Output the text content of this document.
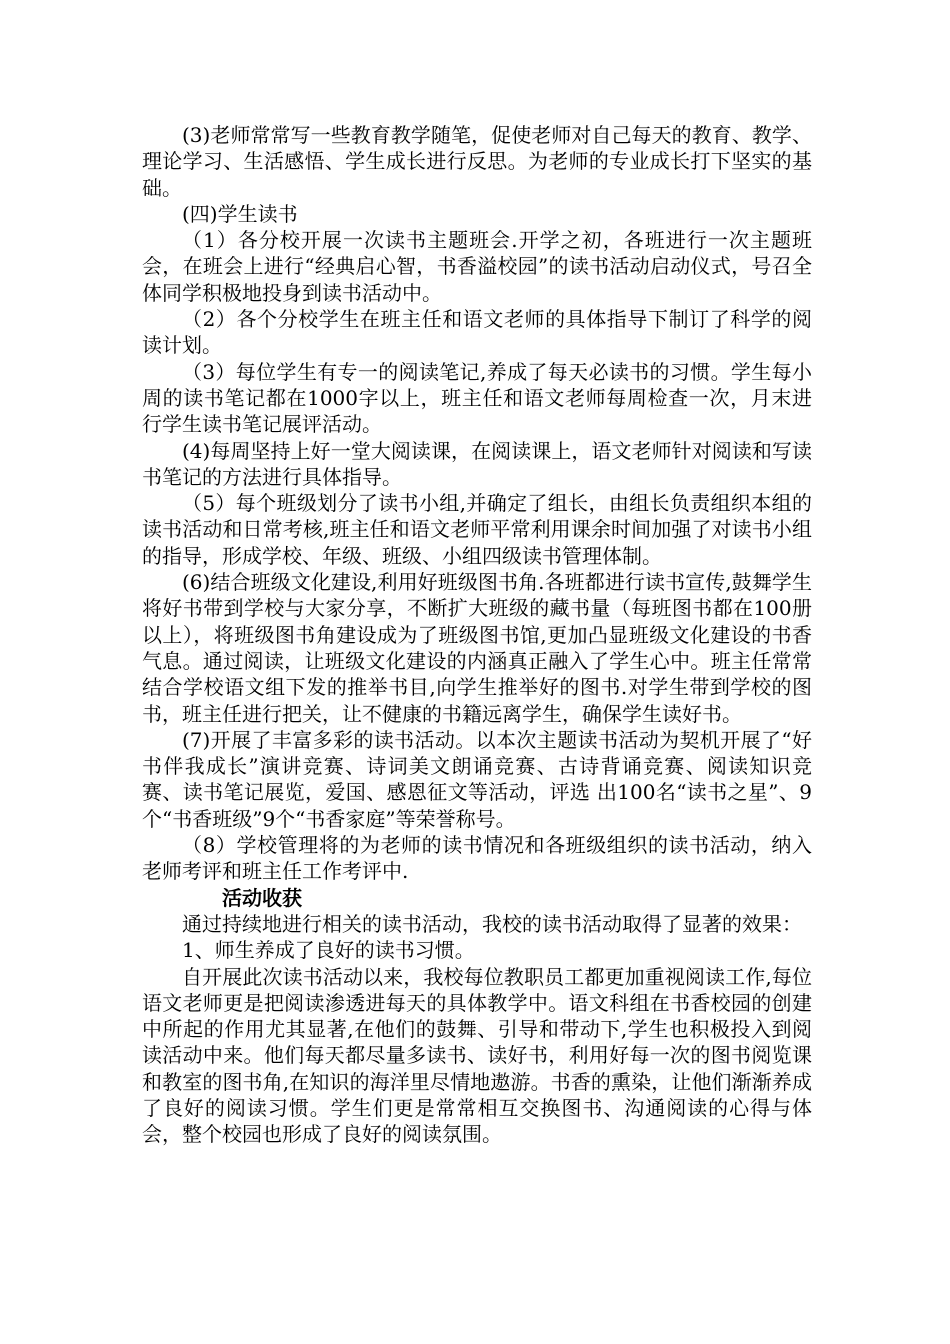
(3)老师常常写一些教育教学随笔，促使老师对自己每天的教育、教学、理论学习、生活感悟、学生成长进行反思。为老师的专业成长打下坚实的基础。

(四)学生读书

（1）各分校开展一次读书主题班会.开学之初，各班进行一次主题班会，在班会上进行“经典启心智，书香溢校园”的读书活动启动仪式，号召全体同学积极地投身到读书活动中。

（2）各个分校学生在班主任和语文老师的具体指导下制订了科学的阅读计划。

（3）每位学生有专一的阅读笔记,养成了每天必读书的习惯。学生每小周的读书笔记都在1000字以上，班主任和语文老师每周检查一次，月末进行学生读书笔记展评活动。

(4)每周坚持上好一堂大阅读课，在阅读课上，语文老师针对阅读和写读书笔记的方法进行具体指导。

（5）每个班级划分了读书小组,并确定了组长，由组长负责组织本组的读书活动和日常考核,班主任和语文老师平常利用课余时间加强了对读书小组的指导，形成学校、年级、班级、小组四级读书管理体制。

(6)结合班级文化建设,利用好班级图书角.各班都进行读书宣传,鼓舞学生将好书带到学校与大家分享，不断扩大班级的藏书量（每班图书都在100册以上），将班级图书角建设成为了班级图书馆,更加凸显班级文化建设的书香气息。通过阅读，让班级文化建设的内涵真正融入了学生心中。班主任常常结合学校语文组下发的推举书目,向学生推举好的图书.对学生带到学校的图书，班主任进行把关，让不健康的书籍远离学生，确保学生读好书。

(7)开展了丰富多彩的读书活动。以本次主题读书活动为契机开展了“好书伴我成长”演讲竞赛、诗词美文朗诵竞赛、古诗背诵竞赛、阅读知识竞赛、读书笔记展览，爱国、感恩征文等活动，评选 出100名“读书之星”、9个“书香班级”9个“书香家庭”等荣誉称号。

（8）学校管理将的为老师的读书情况和各班级组织的读书活动，纳入老师考评和班主任工作考评中.

活动收获

通过持续地进行相关的读书活动，我校的读书活动取得了显著的效果：

1、师生养成了良好的读书习惯。

自开展此次读书活动以来，我校每位教职员工都更加重视阅读工作,每位语文老师更是把阅读渗透进每天的具体教学中。语文科组在书香校园的创建中所起的作用尤其显著,在他们的鼓舞、引导和带动下,学生也积极投入到阅读活动中来。他们每天都尽量多读书、读好书，利用好每一次的图书阅览课和教室的图书角,在知识的海洋里尽情地遨游。书香的熏染，让他们渐渐养成了良好的阅读习惯。学生们更是常常相互交换图书、沟通阅读的心得与体会，整个校园也形成了良好的阅读氛围。
